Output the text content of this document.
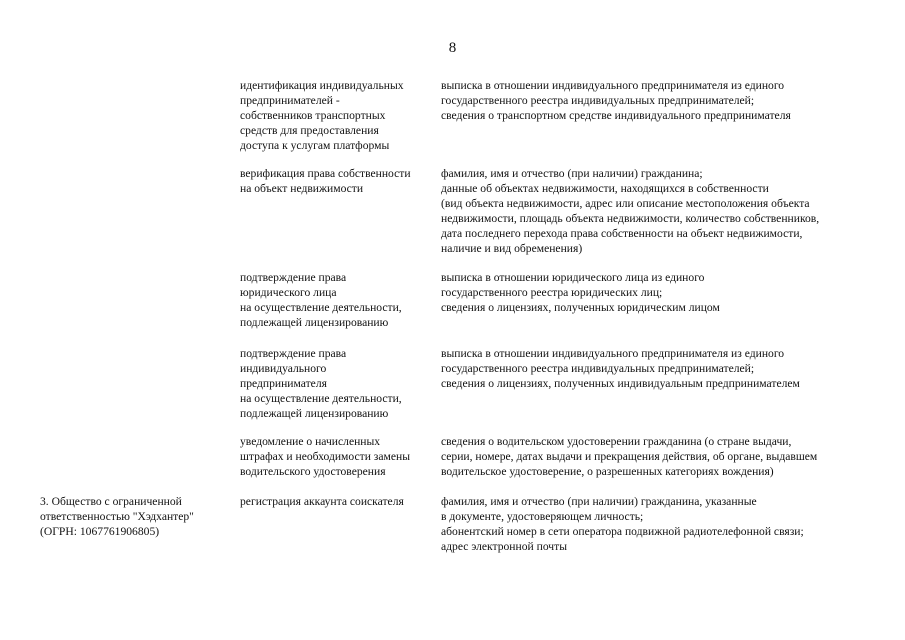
8
идентификация индивидуальных
предпринимателей -
собственников транспортных
средств для предоставления
доступа к услугам платформы
выписка в отношении индивидуального предпринимателя из единого
государственного реестра индивидуальных предпринимателей;
сведения о транспортном средстве индивидуального предпринимателя
верификация права собственности
на объект недвижимости
фамилия, имя и отчество (при наличии) гражданина;
данные об объектах недвижимости, находящихся в собственности
(вид объекта недвижимости, адрес или описание местоположения объекта
недвижимости, площадь объекта недвижимости, количество собственников,
дата последнего перехода права собственности на объект недвижимости,
наличие и вид обременения)
подтверждение права
юридического лица
на осуществление деятельности,
подлежащей лицензированию
выписка в отношении юридического лица из единого
государственного реестра юридических лиц;
сведения о лицензиях, полученных юридическим лицом
подтверждение права
индивидуального
предпринимателя
на осуществление деятельности,
подлежащей лицензированию
выписка в отношении индивидуального предпринимателя из единого
государственного реестра индивидуальных предпринимателей;
сведения о лицензиях, полученных индивидуальным предпринимателем
уведомление о начисленных
штрафах и необходимости замены
водительского удостоверения
сведения о водительском удостоверении гражданина (о стране выдачи,
серии, номере, датах выдачи и прекращения действия, об органе, выдавшем
водительское удостоверение, о разрешенных категориях вождения)
3. Общество с ограниченной
ответственностью "Хэдхантер"
(ОГРН: 1067761906805)
регистрация аккаунта соискателя	фамилия, имя и отчество (при наличии) гражданина, указанные
в документе, удостоверяющем личность;
абонентский номер в сети оператора подвижной радиотелефонной связи;
адрес электронной почты
